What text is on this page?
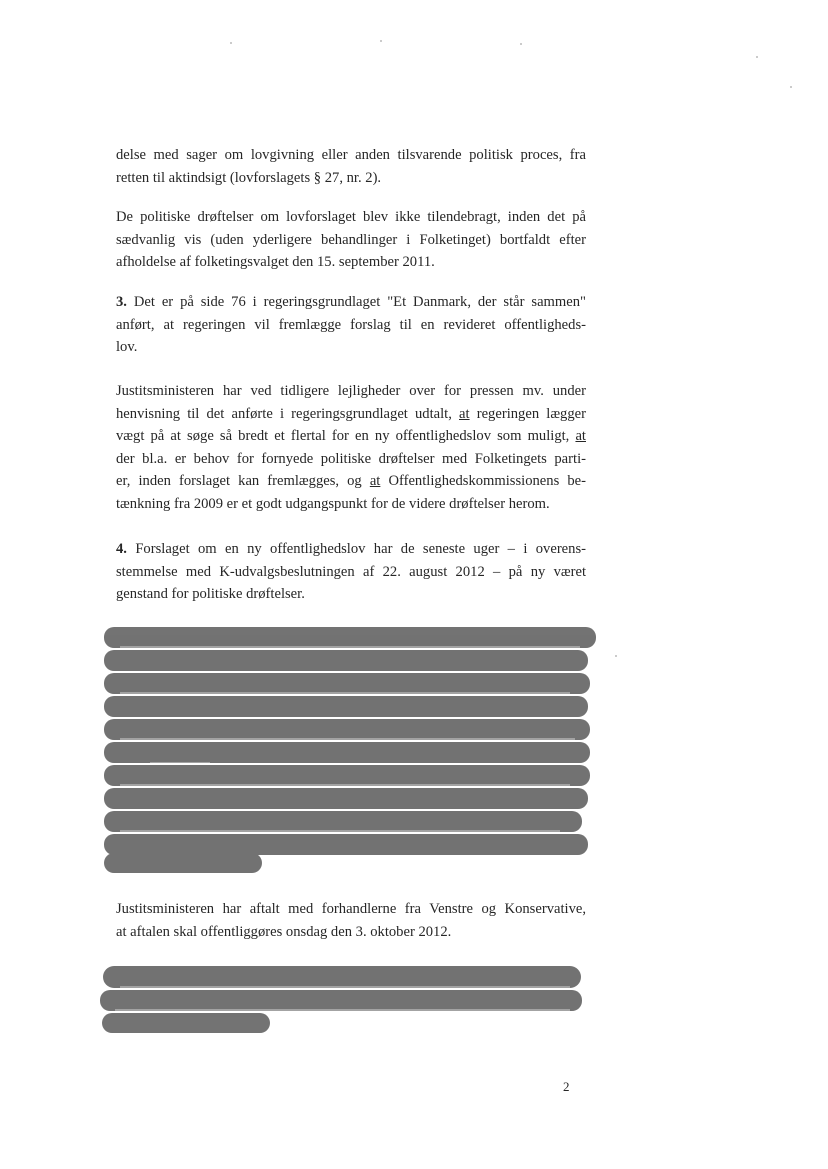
delse med sager om lovgivning eller anden tilsvarende politisk proces, fra
retten til aktindsigt (lovforslagets § 27, nr. 2).

De politiske drøftelser om lovforslaget blev ikke tilendebragt, inden det på
sædvanlig vis (uden yderligere behandlinger i Folketinget) bortfaldt efter
afholdelse af folketingsvalget den 15. september 2011.

3. Det er på side 76 i regeringsgrundlaget "Et Danmark, der står sammen"
anført, at regeringen vil fremlægge forslag til en revideret offentligheds-
lov.

Justitsministeren har ved tidligere lejligheder over for pressen mv. under
henvisning til det anførte i regeringsgrundlaget udtalt, at regeringen lægger
vægt på at søge så bredt et flertal for en ny offentlighedslov som muligt, at
der bl.a. er behov for fornyede politiske drøftelser med Folketingets parti-
er, inden forslaget kan fremlægges, og at Offentlighedskommissionens be-
tænkning fra 2009 er et godt udgangspunkt for de videre drøftelser herom.

4. Forslaget om en ny offentlighedslov har de seneste uger – i overens-
stemmelse med K-udvalgsbeslutningen af 22. august 2012 – på ny været
genstand for politiske drøftelser.

Justitsministeren har aftalt med forhandlerne fra Venstre og Konservative,
at aftalen skal offentliggøres onsdag den 3. oktober 2012.

2
